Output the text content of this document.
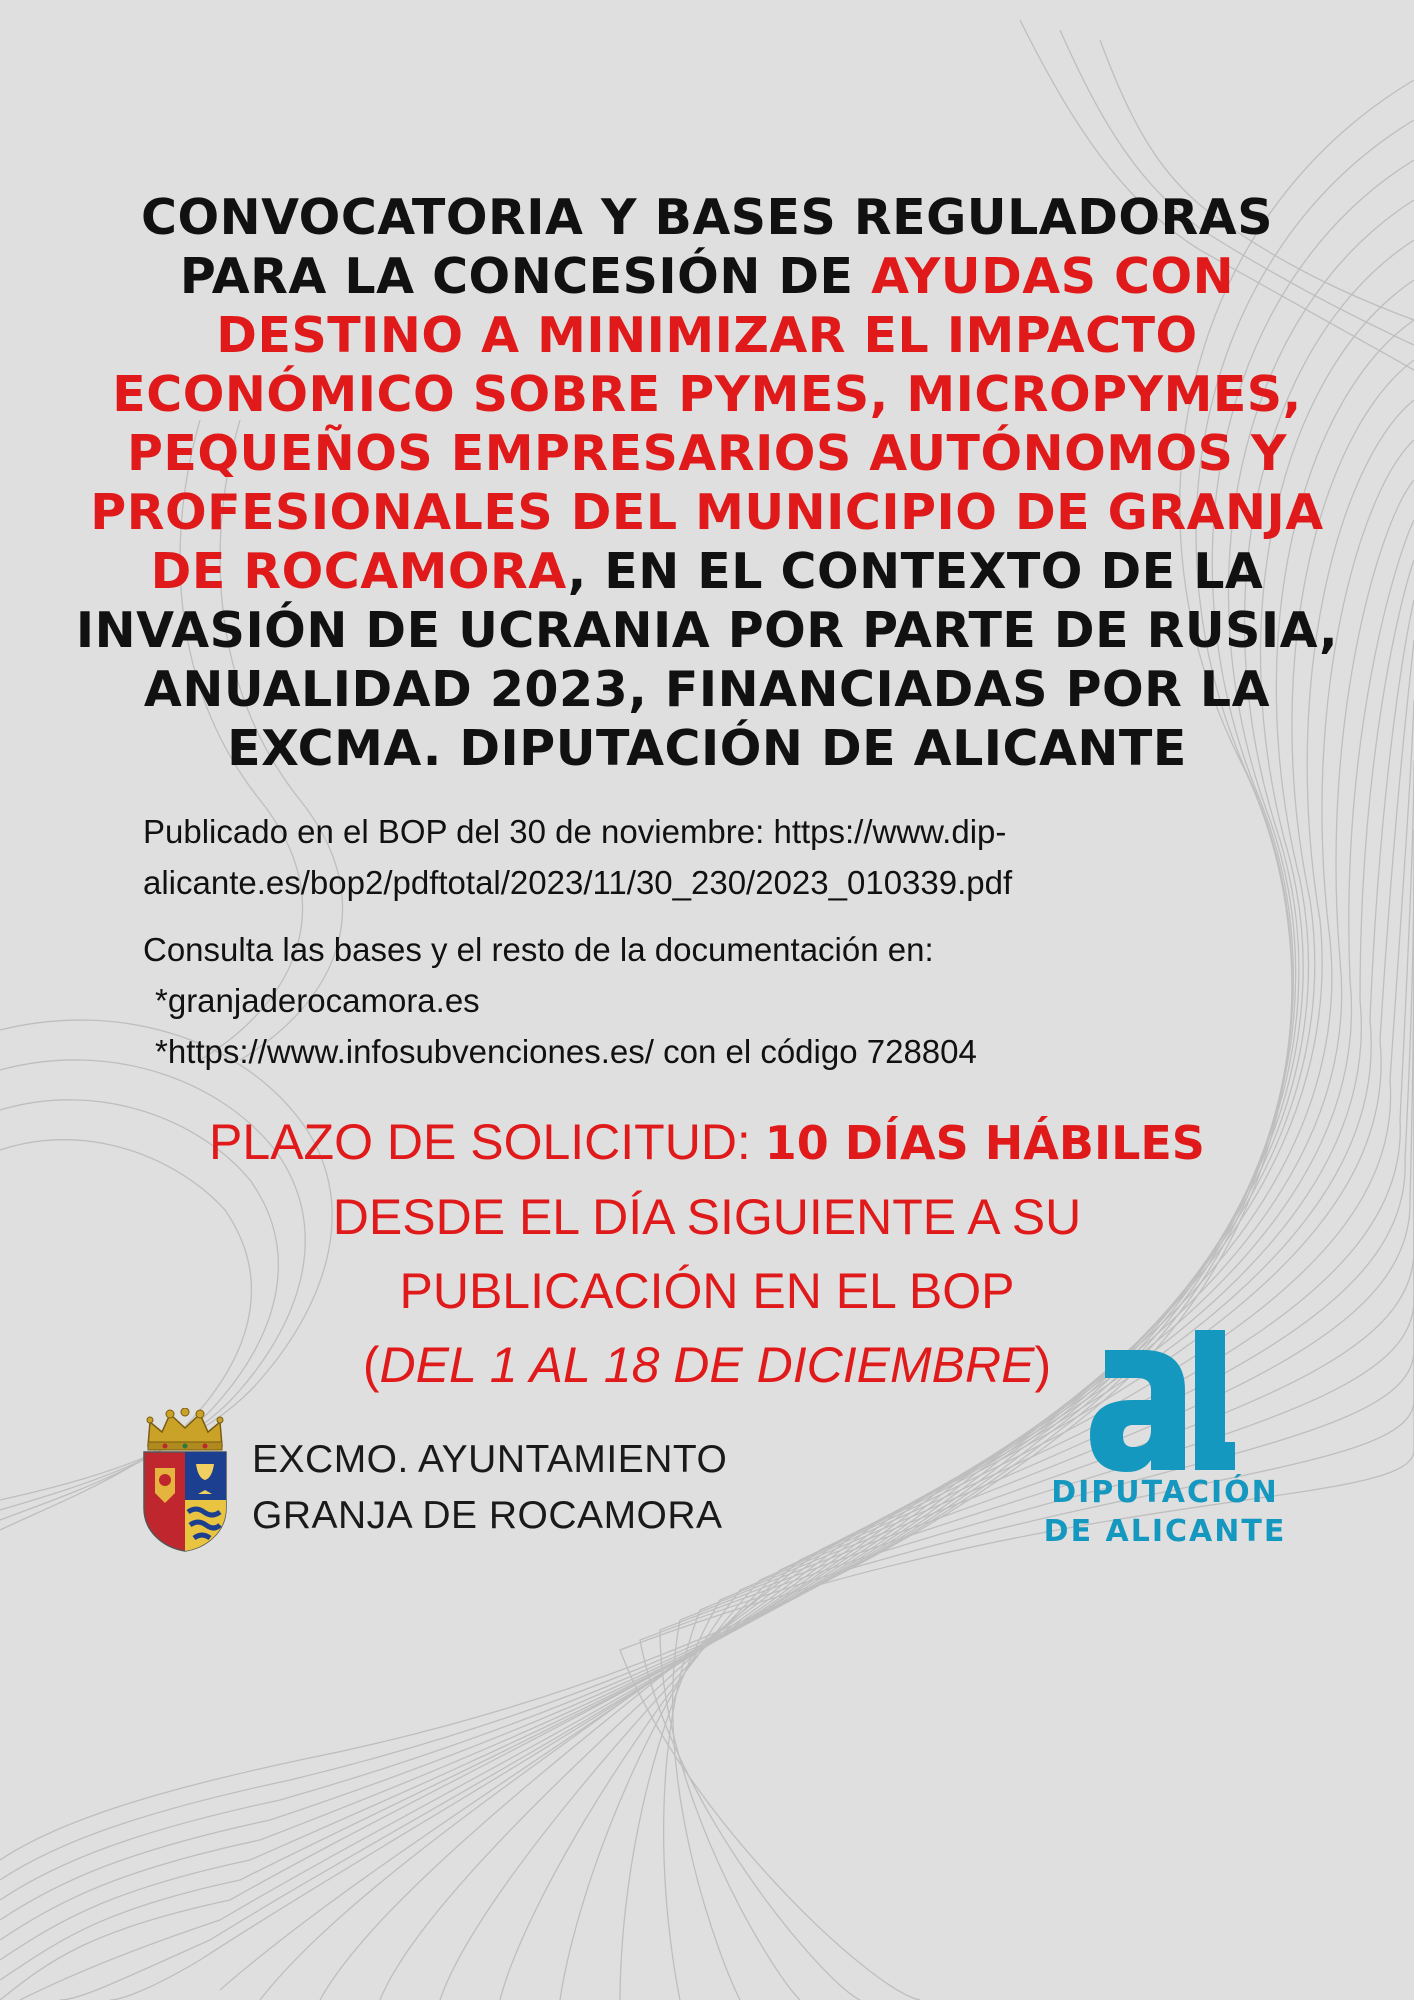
CONVOCATORIA Y BASES REGULADORAS PARA LA CONCESIÓN DE AYUDAS CON DESTINO A MINIMIZAR EL IMPACTO ECONÓMICO SOBRE PYMES, MICROPYMES, PEQUEÑOS EMPRESARIOS AUTÓNOMOS Y PROFESIONALES DEL MUNICIPIO DE GRANJA DE ROCAMORA, EN EL CONTEXTO DE LA INVASIÓN DE UCRANIA POR PARTE DE RUSIA, ANUALIDAD 2023, FINANCIADAS POR LA EXCMA. DIPUTACIÓN DE ALICANTE

Publicado en el BOP del 30 de noviembre: https://www.dip-

alicante.es/bop2/pdftotal/2023/11/30_230/2023_010339.pdf

Consulta las bases y el resto de la documentación en:

*granjaderocamora.es

*https://www.infosubvenciones.es/ con el código 728804

PLAZO DE SOLICITUD: 10 DÍAS HÁBILES

DESDE EL DÍA SIGUIENTE A SU

PUBLICACIÓN EN EL BOP

(DEL 1 AL 18 DE DICIEMBRE)

EXCMO. AYUNTAMIENTO
GRANJA DE ROCAMORA
DIPUTACIÓN
DE ALICANTE
